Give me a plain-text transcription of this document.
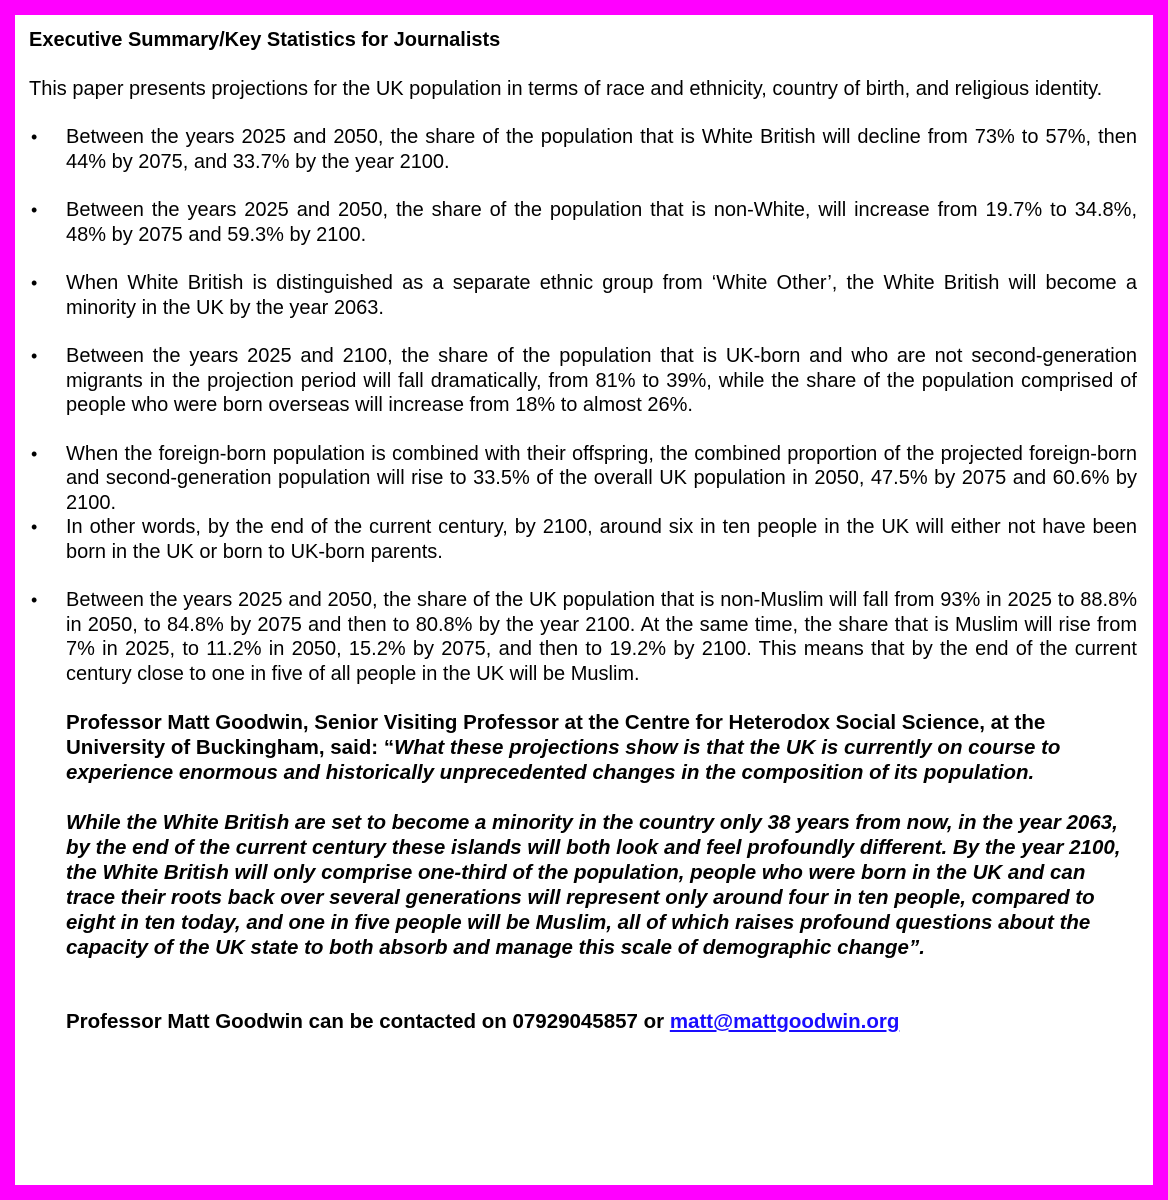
Executive Summary/Key Statistics for Journalists
This paper presents projections for the UK population in terms of race and ethnicity, country of birth, and religious identity.
• Between the years 2025 and 2050, the share of the population that is White British will decline from 73% to 57%, then 44% by 2075, and 33.7% by the year 2100.
• Between the years 2025 and 2050, the share of the population that is non-White, will increase from 19.7% to 34.8%, 48% by 2075 and 59.3% by 2100.
• When White British is distinguished as a separate ethnic group from ‘White Other’, the White British will become a minority in the UK by the year 2063.
• Between the years 2025 and 2100, the share of the population that is UK-born and who are not second-generation migrants in the projection period will fall dramatically, from 81% to 39%, while the share of the population comprised of people who were born overseas will increase from 18% to almost 26%.
• When the foreign-born population is combined with their offspring, the combined proportion of the projected foreign-born and second-generation population will rise to 33.5% of the overall UK population in 2050, 47.5% by 2075 and 60.6% by 2100.
• In other words, by the end of the current century, by 2100, around six in ten people in the UK will either not have been born in the UK or born to UK-born parents.
• Between the years 2025 and 2050, the share of the UK population that is non-Muslim will fall from 93% in 2025 to 88.8% in 2050, to 84.8% by 2075 and then to 80.8% by the year 2100. At the same time, the share that is Muslim will rise from 7% in 2025, to 11.2% in 2050, 15.2% by 2075, and then to 19.2% by 2100. This means that by the end of the current century close to one in five of all people in the UK will be Muslim.
Professor Matt Goodwin, Senior Visiting Professor at the Centre for Heterodox Social Science, at the University of Buckingham, said: “What these projections show is that the UK is currently on course to experience enormous and historically unprecedented changes in the composition of its population.
While the White British are set to become a minority in the country only 38 years from now, in the year 2063, by the end of the current century these islands will both look and feel profoundly different. By the year 2100, the White British will only comprise one-third of the population, people who were born in the UK and can trace their roots back over several generations will represent only around four in ten people, compared to eight in ten today, and one in five people will be Muslim, all of which raises profound questions about the capacity of the UK state to both absorb and manage this scale of demographic change”.
Professor Matt Goodwin can be contacted on 07929045857 or matt@mattgoodwin.org
